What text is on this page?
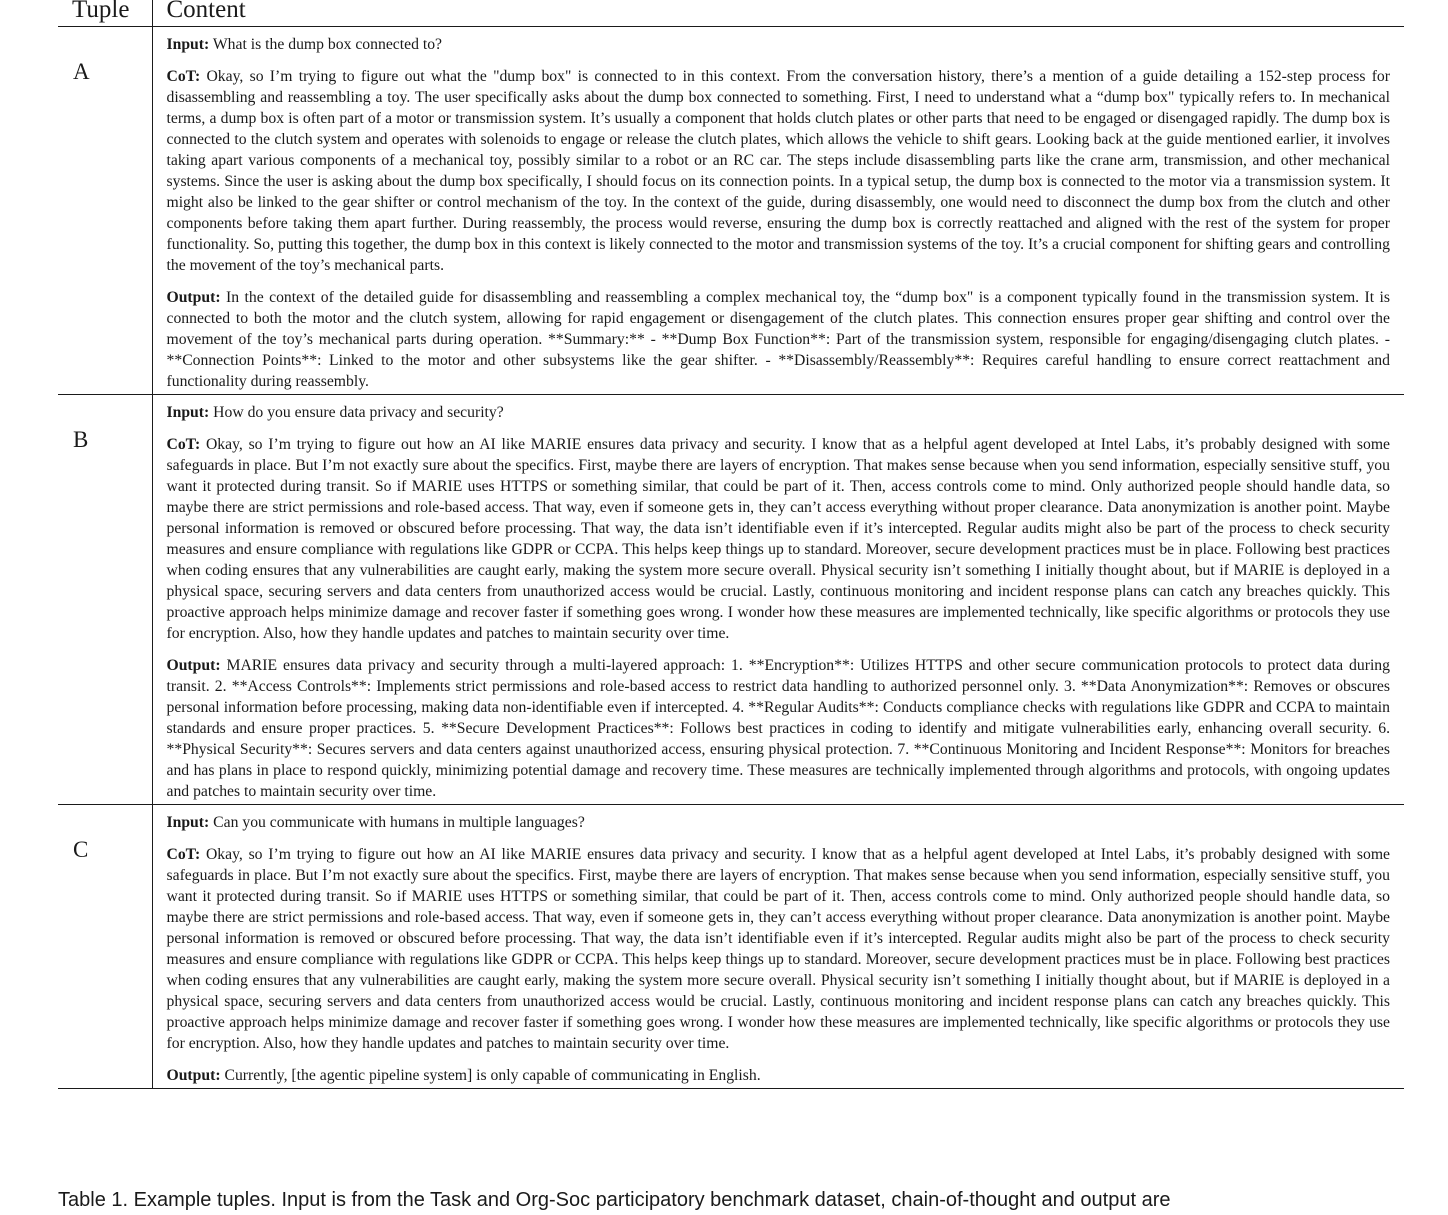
Tuple	Content
A	Input: What is the dump box connected to?

CoT: Okay, so I’m trying to figure out what the "dump box" is connected to in this context. From the conversation history, there’s a mention of a guide detailing a 152-step process for disassembling and reassembling a toy. The user specifically asks about the dump box connected to something. First, I need to understand what a “dump box" typically refers to. In mechanical terms, a dump box is often part of a motor or transmission system. It’s usually a component that holds clutch plates or other parts that need to be engaged or disengaged rapidly. The dump box is connected to the clutch system and operates with solenoids to engage or release the clutch plates, which allows the vehicle to shift gears. Looking back at the guide mentioned earlier, it involves taking apart various components of a mechanical toy, possibly similar to a robot or an RC car. The steps include disassembling parts like the crane arm, transmission, and other mechanical systems. Since the user is asking about the dump box specifically, I should focus on its connection points. In a typical setup, the dump box is connected to the motor via a transmission system. It might also be linked to the gear shifter or control mechanism of the toy. In the context of the guide, during disassembly, one would need to disconnect the dump box from the clutch and other components before taking them apart further. During reassembly, the process would reverse, ensuring the dump box is correctly reattached and aligned with the rest of the system for proper functionality. So, putting this together, the dump box in this context is likely connected to the motor and transmission systems of the toy. It’s a crucial component for shifting gears and controlling the movement of the toy’s mechanical parts.

Output: In the context of the detailed guide for disassembling and reassembling a complex mechanical toy, the “dump box" is a component typically found in the transmission system. It is connected to both the motor and the clutch system, allowing for rapid engagement or disengagement of the clutch plates. This connection ensures proper gear shifting and control over the movement of the toy’s mechanical parts during operation. **Summary:** - **Dump Box Function**: Part of the transmission system, responsible for engaging/disengaging clutch plates. - **Connection Points**: Linked to the motor and other subsystems like the gear shifter. - **Disassembly/Reassembly**: Requires careful handling to ensure correct reattachment and functionality during reassembly.

B	Input: How do you ensure data privacy and security?

CoT: Okay, so I’m trying to figure out how an AI like MARIE ensures data privacy and security. I know that as a helpful agent developed at Intel Labs, it’s probably designed with some safeguards in place. But I’m not exactly sure about the specifics. First, maybe there are layers of encryption. That makes sense because when you send information, especially sensitive stuff, you want it protected during transit. So if MARIE uses HTTPS or something similar, that could be part of it. Then, access controls come to mind. Only authorized people should handle data, so maybe there are strict permissions and role-based access. That way, even if someone gets in, they can’t access everything without proper clearance. Data anonymization is another point. Maybe personal information is removed or obscured before processing. That way, the data isn’t identifiable even if it’s intercepted. Regular audits might also be part of the process to check security measures and ensure compliance with regulations like GDPR or CCPA. This helps keep things up to standard. Moreover, secure development practices must be in place. Following best practices when coding ensures that any vulnerabilities are caught early, making the system more secure overall. Physical security isn’t something I initially thought about, but if MARIE is deployed in a physical space, securing servers and data centers from unauthorized access would be crucial. Lastly, continuous monitoring and incident response plans can catch any breaches quickly. This proactive approach helps minimize damage and recover faster if something goes wrong. I wonder how these measures are implemented technically, like specific algorithms or protocols they use for encryption. Also, how they handle updates and patches to maintain security over time.

Output: MARIE ensures data privacy and security through a multi-layered approach: 1. **Encryption**: Utilizes HTTPS and other secure communication protocols to protect data during transit. 2. **Access Controls**: Implements strict permissions and role-based access to restrict data handling to authorized personnel only. 3. **Data Anonymization**: Removes or obscures personal information before processing, making data non-identifiable even if intercepted. 4. **Regular Audits**: Conducts compliance checks with regulations like GDPR and CCPA to maintain standards and ensure proper practices. 5. **Secure Development Practices**: Follows best practices in coding to identify and mitigate vulnerabilities early, enhancing overall security. 6. **Physical Security**: Secures servers and data centers against unauthorized access, ensuring physical protection. 7. **Continuous Monitoring and Incident Response**: Monitors for breaches and has plans in place to respond quickly, minimizing potential damage and recovery time. These measures are technically implemented through algorithms and protocols, with ongoing updates and patches to maintain security over time.

C	Input: Can you communicate with humans in multiple languages?

CoT: Okay, so I’m trying to figure out how an AI like MARIE ensures data privacy and security. I know that as a helpful agent developed at Intel Labs, it’s probably designed with some safeguards in place. But I’m not exactly sure about the specifics. First, maybe there are layers of encryption. That makes sense because when you send information, especially sensitive stuff, you want it protected during transit. So if MARIE uses HTTPS or something similar, that could be part of it. Then, access controls come to mind. Only authorized people should handle data, so maybe there are strict permissions and role-based access. That way, even if someone gets in, they can’t access everything without proper clearance. Data anonymization is another point. Maybe personal information is removed or obscured before processing. That way, the data isn’t identifiable even if it’s intercepted. Regular audits might also be part of the process to check security measures and ensure compliance with regulations like GDPR or CCPA. This helps keep things up to standard. Moreover, secure development practices must be in place. Following best practices when coding ensures that any vulnerabilities are caught early, making the system more secure overall. Physical security isn’t something I initially thought about, but if MARIE is deployed in a physical space, securing servers and data centers from unauthorized access would be crucial. Lastly, continuous monitoring and incident response plans can catch any breaches quickly. This proactive approach helps minimize damage and recover faster if something goes wrong. I wonder how these measures are implemented technically, like specific algorithms or protocols they use for encryption. Also, how they handle updates and patches to maintain security over time.

Output: Currently, [the agentic pipeline system] is only capable of communicating in English.

Table 1. Example tuples. Input is from the Task and Org-Soc participatory benchmark dataset, chain-of-thought and output are
